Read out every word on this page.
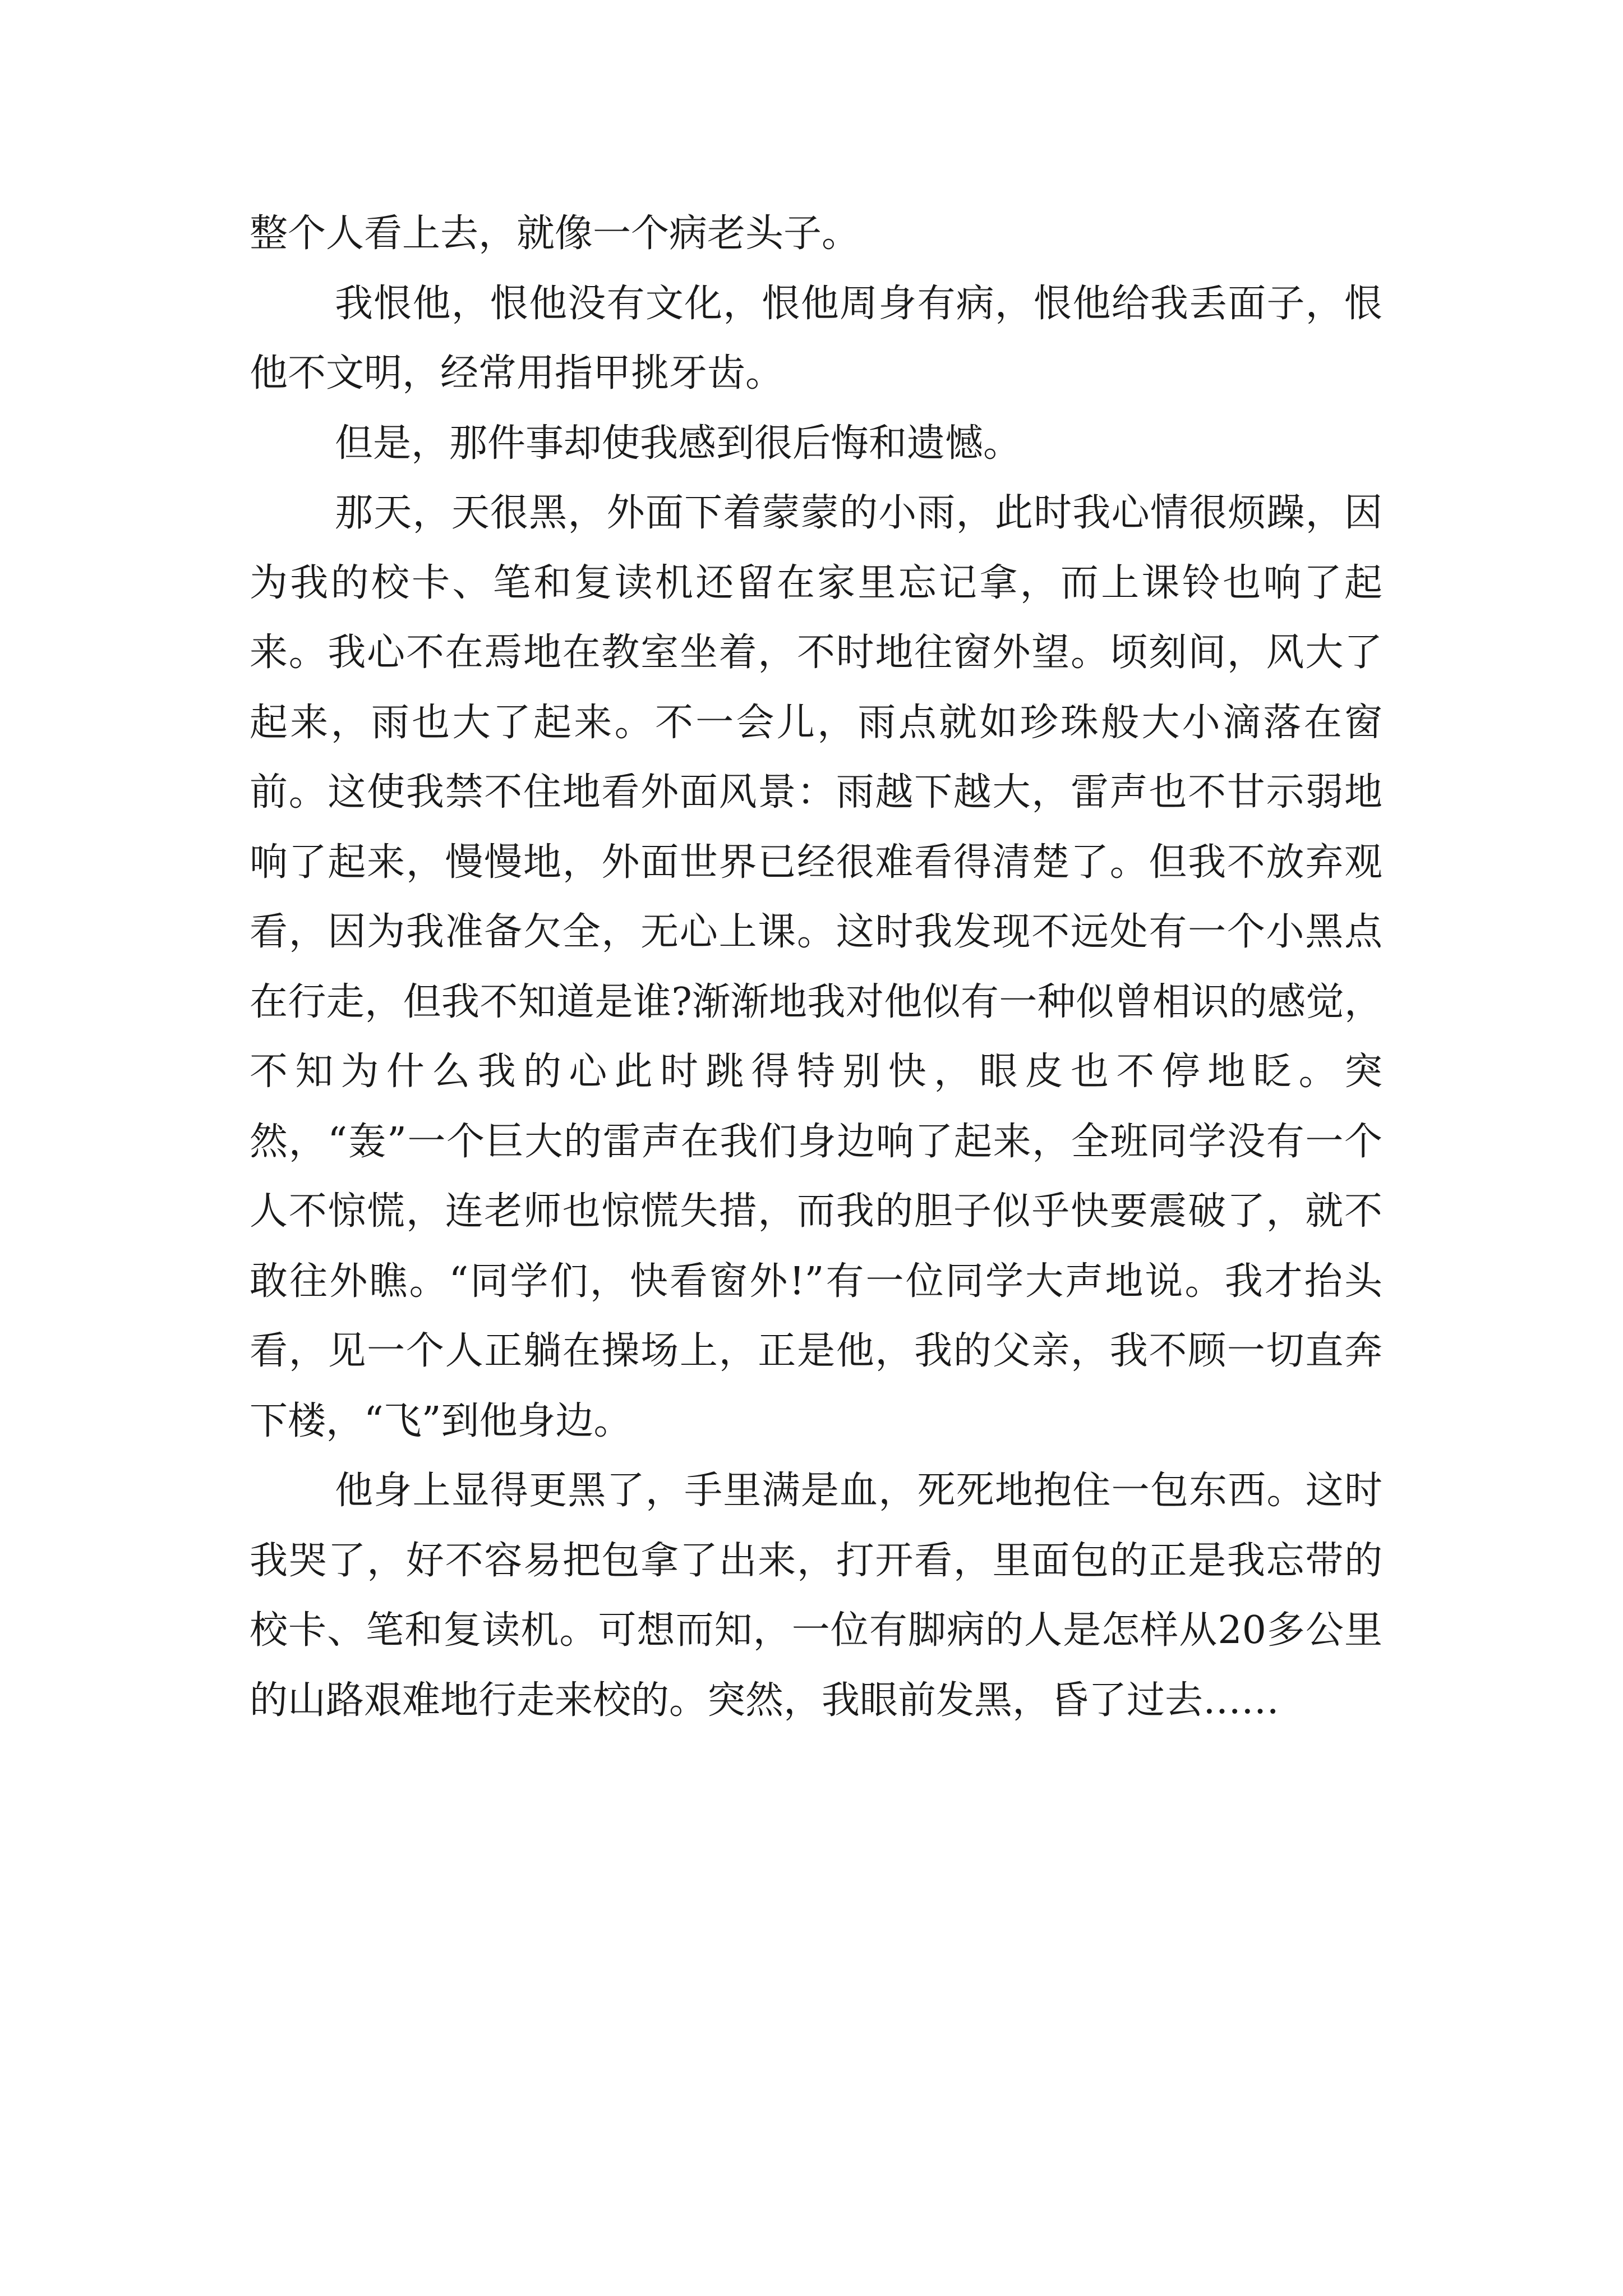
整个人看上去，就像一个病老头子。

我恨他，恨他没有文化，恨他周身有病，恨他给我丢面子，恨他不文明，经常用指甲挑牙齿。

但是，那件事却使我感到很后悔和遗憾。

那天，天很黑，外面下着蒙蒙的小雨，此时我心情很烦躁，因为我的校卡、笔和复读机还留在家里忘记拿，而上课铃也响了起来。我心不在焉地在教室坐着，不时地往窗外望。顷刻间，风大了起来，雨也大了起来。不一会儿，雨点就如珍珠般大小滴落在窗前。这使我禁不住地看外面风景：雨越下越大，雷声也不甘示弱地响了起来，慢慢地，外面世界已经很难看得清楚了。但我不放弃观看，因为我准备欠全，无心上课。这时我发现不远处有一个小黑点在行走，但我不知道是谁?渐渐地我对他似有一种似曾相识的感觉，不知为什么我的心此时跳得特别快，眼皮也不停地眨。突然，“轰”一个巨大的雷声在我们身边响了起来，全班同学没有一个人不惊慌，连老师也惊慌失措，而我的胆子似乎快要震破了，就不敢往外瞧。“同学们，快看窗外!”有一位同学大声地说。我才抬头看，见一个人正躺在操场上，正是他，我的父亲，我不顾一切直奔下楼，“飞”到他身边。

他身上显得更黑了，手里满是血，死死地抱住一包东西。这时我哭了，好不容易把包拿了出来，打开看，里面包的正是我忘带的校卡、笔和复读机。可想而知，一位有脚病的人是怎样从20多公里的山路艰难地行走来校的。突然，我眼前发黑，昏了过去……
